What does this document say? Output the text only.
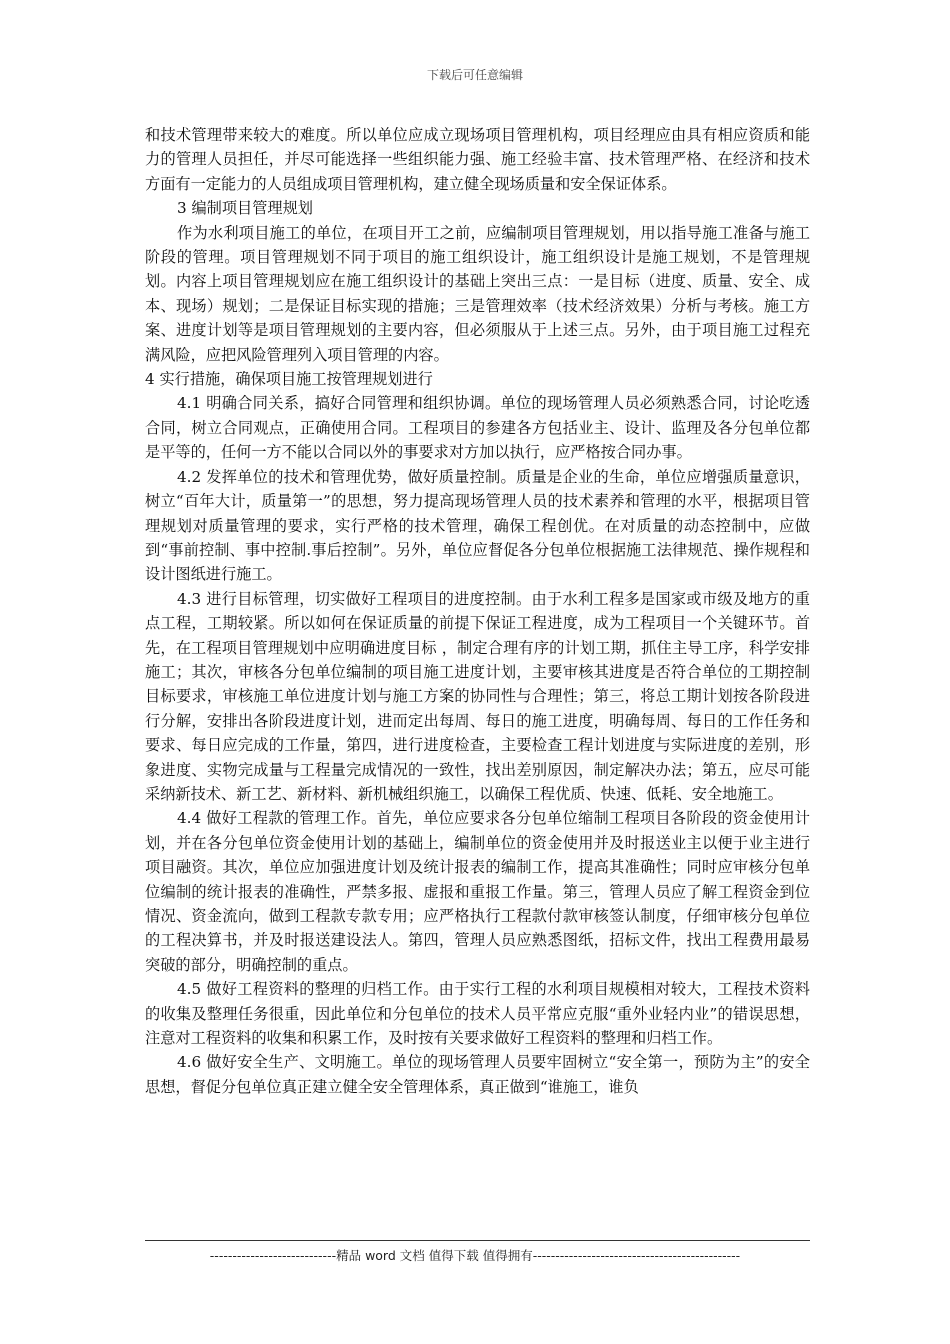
下载后可任意编辑

和技术管理带来较大的难度。所以单位应成立现场项目管理机构，项目经理应由具有相应资质和能力的管理人员担任，并尽可能选择一些组织能力强、施工经验丰富、技术管理严格、在经济和技术方面有一定能力的人员组成项目管理机构，建立健全现场质量和安全保证体系。

3 编制项目管理规划

作为水利项目施工的单位，在项目开工之前，应编制项目管理规划，用以指导施工准备与施工阶段的管理。项目管理规划不同于项目的施工组织设计，施工组织设计是施工规划，不是管理规划。内容上项目管理规划应在施工组织设计的基础上突出三点：一是目标（进度、质量、安全、成本、现场）规划；二是保证目标实现的措施；三是管理效率（技术经济效果）分析与考核。施工方案、进度计划等是项目管理规划的主要内容，但必须服从于上述三点。另外，由于项目施工过程充满风险，应把风险管理列入项目管理的内容。

4 实行措施，确保项目施工按管理规划进行

4.1 明确合同关系，搞好合同管理和组织协调。单位的现场管理人员必须熟悉合同，讨论吃透合同，树立合同观点，正确使用合同。工程项目的参建各方包括业主、设计、监理及各分包单位都是平等的，任何一方不能以合同以外的事要求对方加以执行，应严格按合同办事。

4.2 发挥单位的技术和管理优势，做好质量控制。质量是企业的生命，单位应增强质量意识，树立“百年大计，质量第一”的思想，努力提高现场管理人员的技术素养和管理的水平，根据项目管理规划对质量管理的要求，实行严格的技术管理，确保工程创优。在对质量的动态控制中，应做到“事前控制、事中控制.事后控制”。另外，单位应督促各分包单位根据施工法律规范、操作规程和设计图纸进行施工。

4.3 进行目标管理，切实做好工程项目的进度控制。由于水利工程多是国家或市级及地方的重点工程，工期较紧。所以如何在保证质量的前提下保证工程进度，成为工程项目一个关键环节。首先，在工程项目管理规划中应明确进度目标 ，制定合理有序的计划工期，抓住主导工序，科学安排施工；其次，审核各分包单位编制的项目施工进度计划，主要审核其进度是否符合单位的工期控制目标要求，审核施工单位进度计划与施工方案的协同性与合理性；第三，将总工期计划按各阶段进行分解，安排出各阶段进度计划，进而定出每周、每日的施工进度，明确每周、每日的工作任务和要求、每日应完成的工作量，第四，进行进度检查，主要检查工程计划进度与实际进度的差别，形象进度、实物完成量与工程量完成情况的一致性，找出差别原因，制定解决办法；第五，应尽可能采纳新技术、新工艺、新材料、新机械组织施工，以确保工程优质、快速、低耗、安全地施工。

4.4 做好工程款的管理工作。首先，单位应要求各分包单位缩制工程项目各阶段的资金使用计划，并在各分包单位资金使用计划的基础上，编制单位的资金使用并及时报送业主以便于业主进行项目融资。其次，单位应加强进度计划及统计报表的编制工作，提高其准确性；同时应审核分包单位编制的统计报表的准确性，严禁多报、虚报和重报工作量。第三，管理人员应了解工程资金到位情况、资金流向，做到工程款专款专用；应严格执行工程款付款审核签认制度，仔细审核分包单位的工程决算书，并及时报送建设法人。第四，管理人员应熟悉图纸，招标文件，找出工程费用最易突破的部分，明确控制的重点。

4.5 做好工程资料的整理的归档工作。由于实行工程的水利项目规模相对较大，工程技术资料的收集及整理任务很重，因此单位和分包单位的技术人员平常应克服“重外业轻内业”的错误思想，注意对工程资料的收集和积累工作，及时按有关要求做好工程资料的整理和归档工作。

4.6 做好安全生产、文明施工。单位的现场管理人员要牢固树立“安全第一，预防为主”的安全思想，督促分包单位真正建立健全安全管理体系，真正做到“谁施工，谁负

----------------------------精品 word 文档 值得下载 值得拥有----------------------------------------------
